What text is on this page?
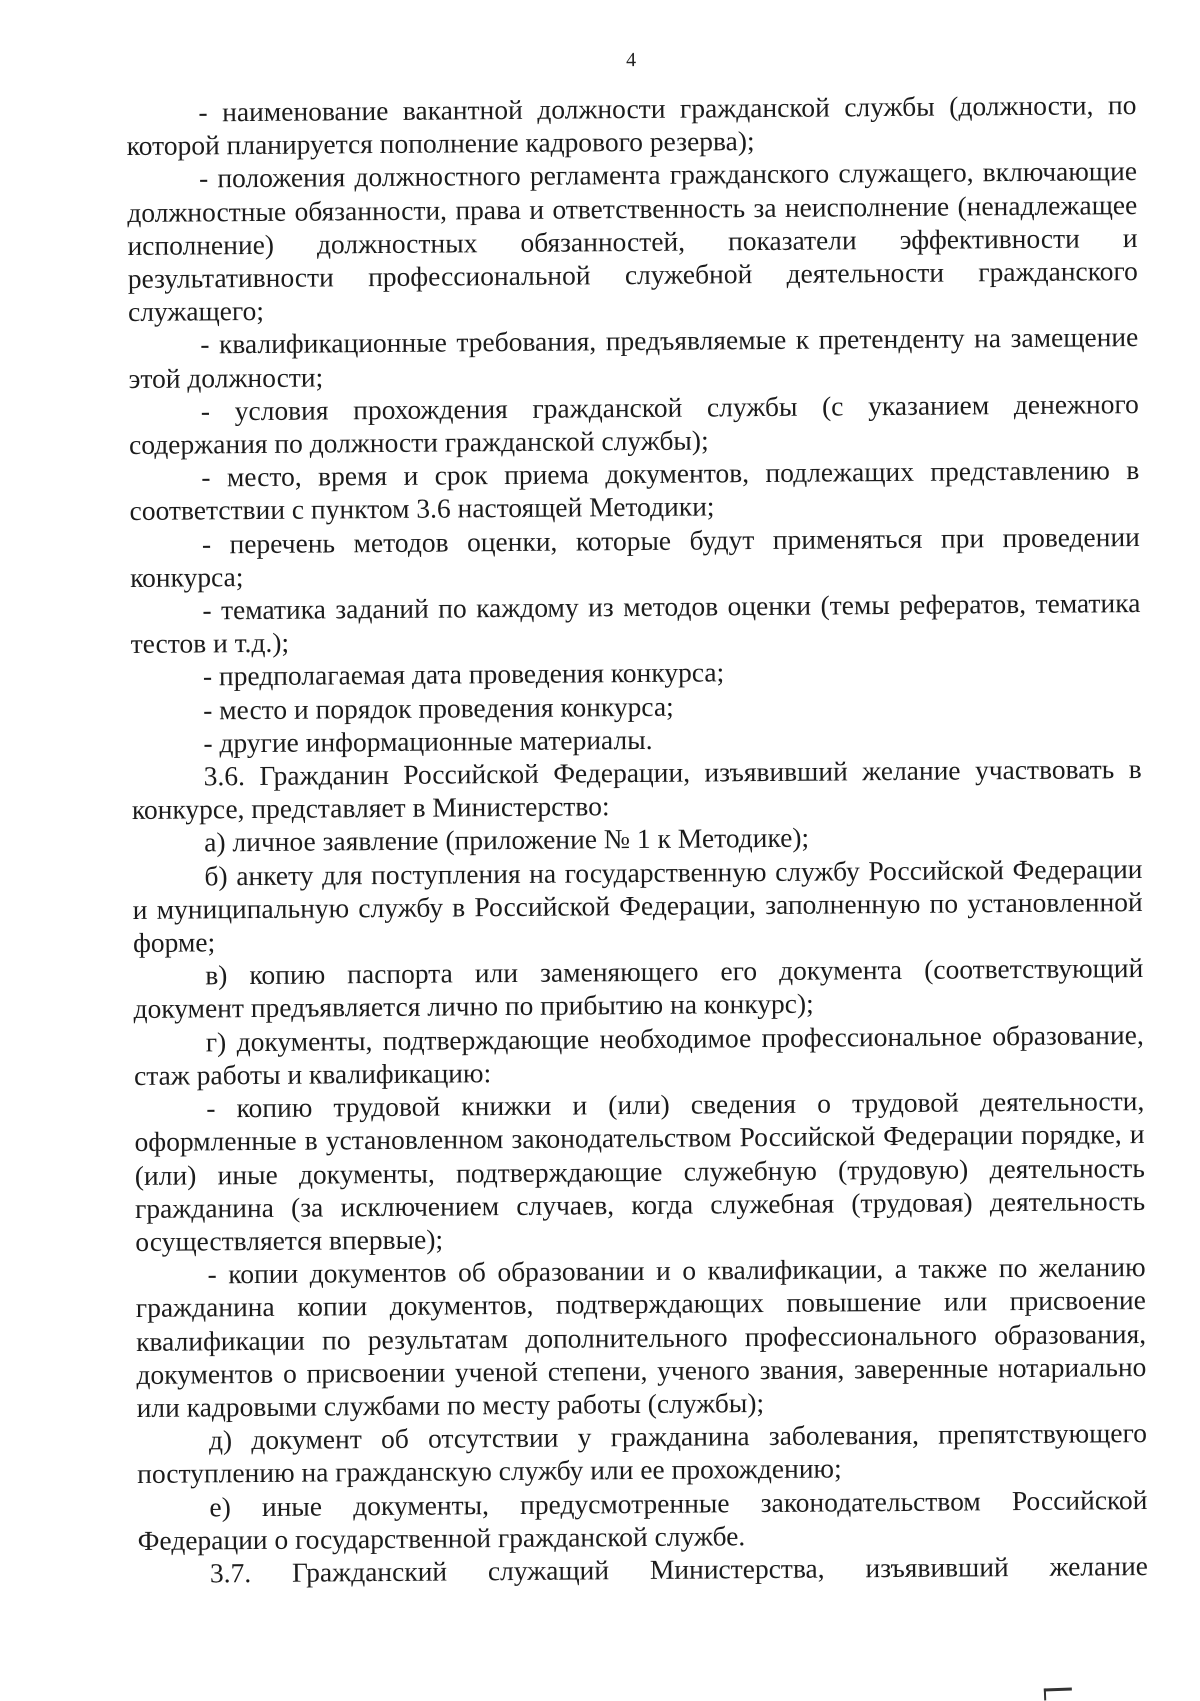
4

- наименование вакантной должности гражданской службы (должности, по которой планируется пополнение кадрового резерва);

- положения должностного регламента гражданского служащего, включающие должностные обязанности, права и ответственность за неисполнение (ненадлежащее исполнение) должностных обязанностей, показатели эффективности и результативности профессиональной служебной деятельности гражданского служащего;

- квалификационные требования, предъявляемые к претенденту на замещение этой должности;

- условия прохождения гражданской службы (с указанием денежного содержания по должности гражданской службы);

- место, время и срок приема документов, подлежащих представлению в соответствии с пунктом 3.6 настоящей Методики;

- перечень методов оценки, которые будут применяться при проведении конкурса;

- тематика заданий по каждому из методов оценки (темы рефератов, тематика тестов и т.д.);

- предполагаемая дата проведения конкурса;

- место и порядок проведения конкурса;

- другие информационные материалы.

3.6. Гражданин Российской Федерации, изъявивший желание участвовать в конкурсе, представляет в Министерство:

а) личное заявление (приложение № 1 к Методике);

б) анкету для поступления на государственную службу Российской Федерации и муниципальную службу в Российской Федерации, заполненную по установленной форме;

в) копию паспорта или заменяющего его документа (соответствующий документ предъявляется лично по прибытию на конкурс);

г) документы, подтверждающие необходимое профессиональное образование, стаж работы и квалификацию:

- копию трудовой книжки и (или) сведения о трудовой деятельности, оформленные в установленном законодательством Российской Федерации порядке, и (или) иные документы, подтверждающие служебную (трудовую) деятельность гражданина (за исключением случаев, когда служебная (трудовая) деятельность осуществляется впервые);

- копии документов об образовании и о квалификации, а также по желанию гражданина копии документов, подтверждающих повышение или присвоение квалификации по результатам дополнительного профессионального образования, документов о присвоении ученой степени, ученого звания, заверенные нотариально или кадровыми службами по месту работы (службы);

д) документ об отсутствии у гражданина заболевания, препятствующего поступлению на гражданскую службу или ее прохождению;

е) иные документы, предусмотренные законодательством Российской Федерации о государственной гражданской службе.

3.7. Гражданский служащий Министерства, изъявивший желание
